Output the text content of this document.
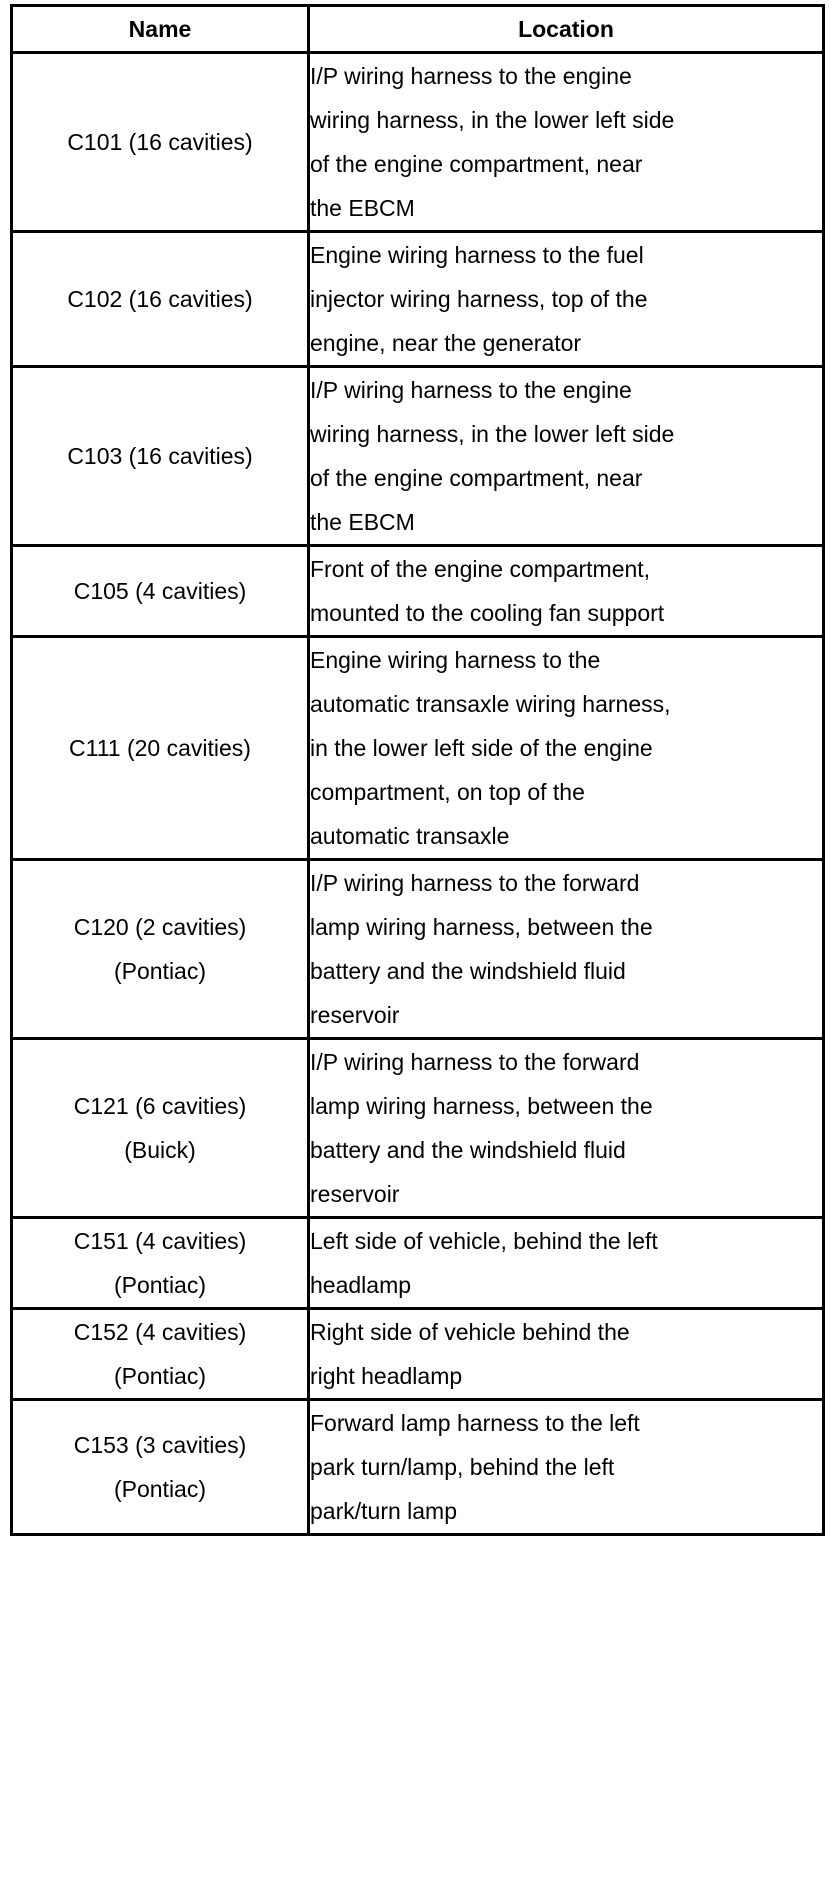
Name	Location

C101 (16 cavities)	I/P wiring harness to the engine
wiring harness, in the lower left side
of the engine compartment, near
the EBCM

C102 (16 cavities)	Engine wiring harness to the fuel
injector wiring harness, top of the
engine, near the generator

C103 (16 cavities)	I/P wiring harness to the engine
wiring harness, in the lower left side
of the engine compartment, near
the EBCM

C105 (4 cavities)	Front of the engine compartment,
mounted to the cooling fan support

C111 (20 cavities)	Engine wiring harness to the
automatic transaxle wiring harness,
in the lower left side of the engine
compartment, on top of the
automatic transaxle

C120 (2 cavities)
(Pontiac)	I/P wiring harness to the forward
lamp wiring harness, between the
battery and the windshield fluid
reservoir

C121 (6 cavities)
(Buick)	I/P wiring harness to the forward
lamp wiring harness, between the
battery and the windshield fluid
reservoir

C151 (4 cavities)
(Pontiac)	Left side of vehicle, behind the left
headlamp

C152 (4 cavities)
(Pontiac)	Right side of vehicle behind the
right headlamp

C153 (3 cavities)
(Pontiac)	Forward lamp harness to the left
park turn/lamp, behind the left
park/turn lamp
